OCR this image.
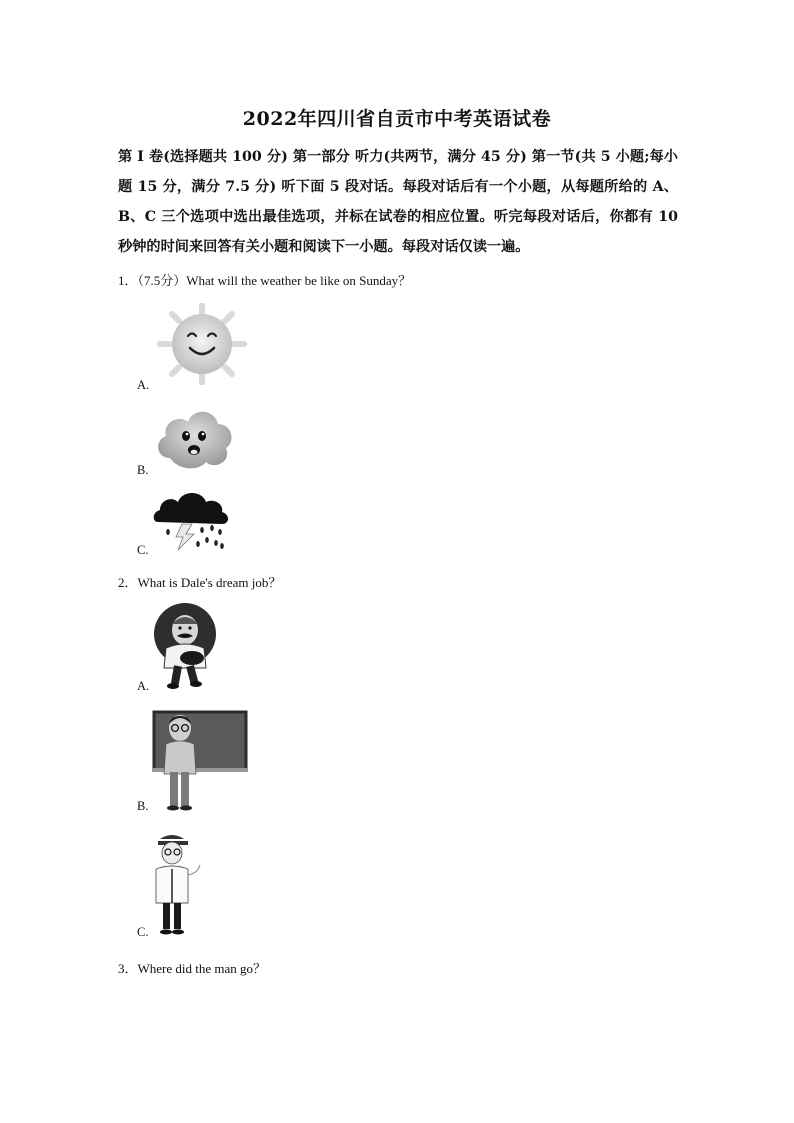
2022年四川省自贡市中考英语试卷
第 I 卷(选择题共 100 分) 第一部分 听力(共两节，满分 45 分) 第一节(共 5 小题;每小题 15 分，满分 7.5 分) 听下面 5 段对话。每段对话后有一个小题，从每题所给的 A、B、C 三个选项中选出最佳选项，并标在试卷的相应位置。听完每段对话后，你都有 10 秒钟的时间来回答有关小题和阅读下一小题。每段对话仅读一遍。
1．（7.5分）What will the weather be like on Sunday？
A.
B.
C.
2．What is Dale's dream job？
A.
B.
C.
3．Where did the man go？
